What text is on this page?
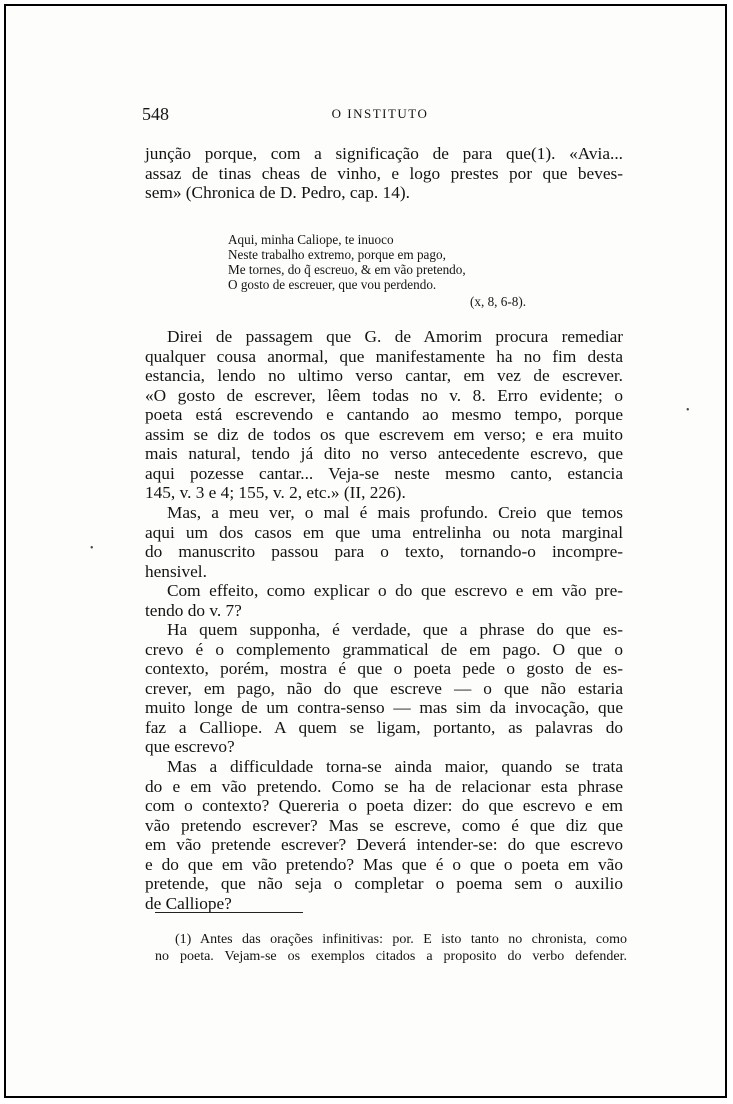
548	O INSTITUTO
junção porque, com a significação de para que(1). «Avia...
assaz de tinas cheas de vinho, e logo prestes por que beves-
sem» (Chronica de D. Pedro, cap. 14).
Aqui, minha Caliope, te inuoco
Neste trabalho extremo, porque em pago,
Me tornes, do q̃ escreuo, & em vão pretendo,
O gosto de escreuer, que vou perdendo.
(x, 8, 6-8).
Direi de passagem que G. de Amorim procura remediar
qualquer cousa anormal, que manifestamente ha no fim desta
estancia, lendo no ultimo verso cantar, em vez de escrever.
«O gosto de escrever, lêem todas no v. 8. Erro evidente; o
poeta está escrevendo e cantando ao mesmo tempo, porque
assim se diz de todos os que escrevem em verso; e era muito
mais natural, tendo já dito no verso antecedente escrevo, que
aqui pozesse cantar... Veja-se neste mesmo canto, estancia
145, v. 3 e 4; 155, v. 2, etc.» (II, 226).
Mas, a meu ver, o mal é mais profundo. Creio que temos
aqui um dos casos em que uma entrelinha ou nota marginal
do manuscrito passou para o texto, tornando-o incompre-
hensivel.
Com effeito, como explicar o do que escrevo e em vão pre-
tendo do v. 7?
Ha quem supponha, é verdade, que a phrase do que es-
crevo é o complemento grammatical de em pago. O que o
contexto, porém, mostra é que o poeta pede o gosto de es-
crever, em pago, não do que escreve — o que não estaria
muito longe de um contra-senso — mas sim da invocação, que
faz a Calliope. A quem se ligam, portanto, as palavras do
que escrevo?
Mas a difficuldade torna-se ainda maior, quando se trata
do e em vão pretendo. Como se ha de relacionar esta phrase
com o contexto? Quereria o poeta dizer: do que escrevo e em
vão pretendo escrever? Mas se escreve, como é que diz que
em vão pretende escrever? Deverá intender-se: do que escrevo
e do que em vão pretendo? Mas que é o que o poeta em vão
pretende, que não seja o completar o poema sem o auxilio
de Calliope?
(1) Antes das orações infinitivas: por. E isto tanto no chronista, como
no poeta. Vejam-se os exemplos citados a proposito do verbo defender.
•
•
